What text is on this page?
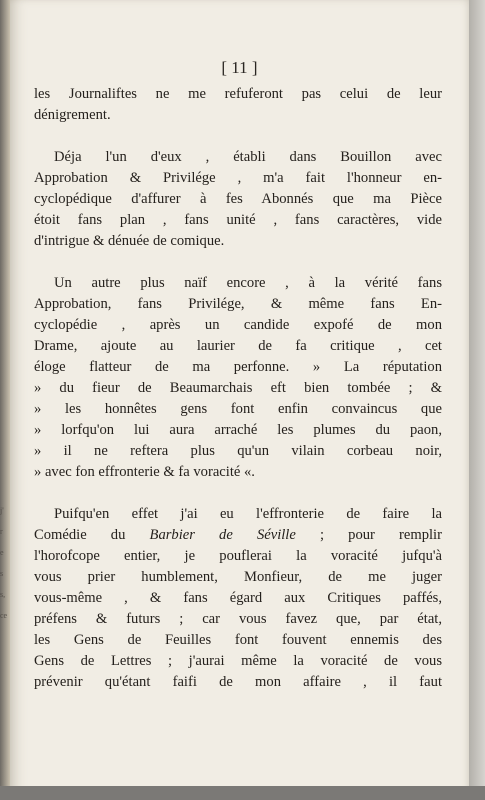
j'
r
e
s
s,
ce
[ 11 ]

les Journaliftes ne me refuferont pas celui de leur
dénigrement.

Déja l'un d'eux , établi dans Bouillon avec
Approbation & Privilége , m'a fait l'honneur en-
cyclopédique d'affurer à fes Abonnés que ma Pièce
étoit fans plan , fans unité , fans caractères, vide
d'intrigue & dénuée de comique.

Un autre plus naïf encore , à la vérité fans
Approbation, fans Privilége, & même fans En-
cyclopédie , après un candide expofé de mon
Drame, ajoute au laurier de fa critique , cet
éloge flatteur de ma perfonne. » La réputation
» du fieur de Beaumarchais eft bien tombée ; &
» les honnêtes gens font enfin convaincus que
» lorfqu'on lui aura arraché les plumes du paon,
» il ne reftera plus qu'un vilain corbeau noir,
» avec fon effronterie & fa voracité «.

Puifqu'en effet j'ai eu l'effronterie de faire la
Comédie du Barbier de Séville ; pour remplir
l'horofcope entier, je pouflerai la voracité jufqu'à
vous prier humblement, Monfieur, de me juger
vous-même , & fans égard aux Critiques paffés,
préfens & futurs ; car vous favez que, par état,
les Gens de Feuilles font fouvent ennemis des
Gens de Lettres ; j'aurai même la voracité de vous
prévenir qu'étant faifi de mon affaire , il faut
